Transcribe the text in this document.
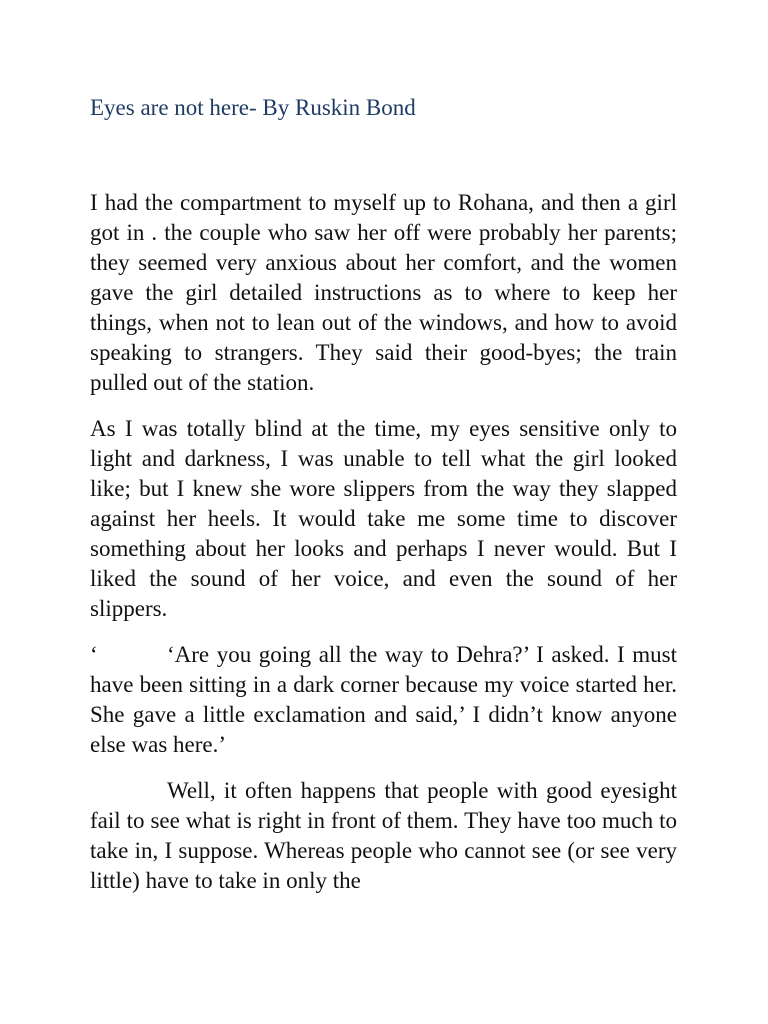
Eyes are not here- By Ruskin Bond

I had the compartment to myself up to Rohana, and then a girl got in . the couple who saw her off were probably her parents; they seemed very anxious about her comfort, and the women gave the girl detailed instructions as to where to keep her things, when not to lean out of the windows, and how to avoid speaking to strangers. They said their good-byes; the train pulled out of the station.

As I was totally blind at the time, my eyes sensitive only to light and darkness, I was unable to tell what the girl looked like; but I knew she wore slippers from the way they slapped against her heels. It would take me some time to discover something about her looks and perhaps I never would. But I liked the sound of her voice, and even the sound of her slippers.

‘	‘Are you going all the way to Dehra?’ I asked. I must have been sitting in a dark corner because my voice started her. She gave a little exclamation and said,’ I didn’t know anyone else was here.’

Well, it often happens that people with good eyesight fail to see what is right in front of them. They have too much to take in, I suppose. Whereas people who cannot see (or see very little) have to take in only the
